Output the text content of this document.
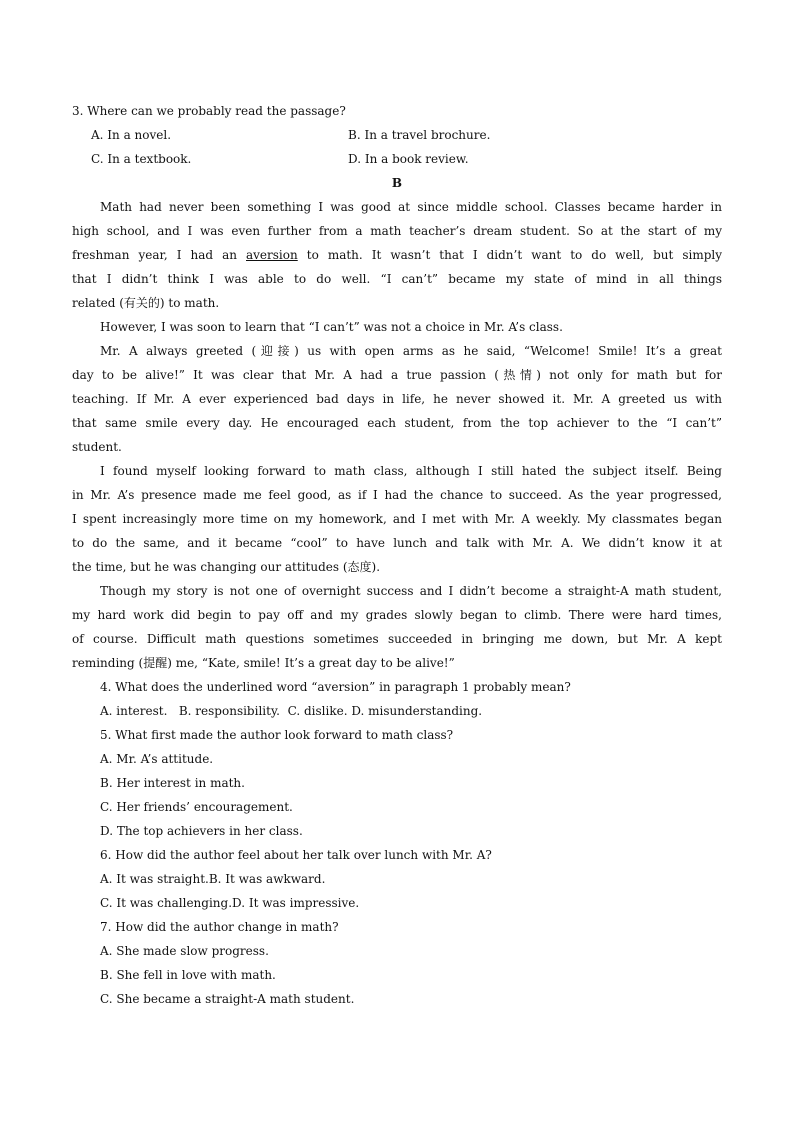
3. Where can we probably read the passage?
A. In a novel.	B. In a travel brochure.
C. In a textbook.	D. In a book review.
B
Math had never been something I was good at since middle school. Classes became harder in
high school, and I was even further from a math teacher’s dream student. So at the start of my
freshman year, I had an aversion to math. It wasn’t that I didn’t want to do well, but simply
that I didn’t think I was able to do well. “I can’t” became my state of mind in all things
related (有关的) to math.
However, I was soon to learn that “I can’t” was not a choice in Mr. A’s class.
Mr. A always greeted (迎接) us with open arms as he said, “Welcome! Smile! It’s a great
day to be alive!” It was clear that Mr. A had a true passion (热情) not only for math but for
teaching. If Mr. A ever experienced bad days in life, he never showed it. Mr. A greeted us with
that same smile every day. He encouraged each student, from the top achiever to the “I can’t”
student.
I found myself looking forward to math class, although I still hated the subject itself. Being
in Mr. A’s presence made me feel good, as if I had the chance to succeed. As the year progressed,
I spent increasingly more time on my homework, and I met with Mr. A weekly. My classmates began
to do the same, and it became “cool” to have lunch and talk with Mr. A. We didn’t know it at
the time, but he was changing our attitudes (态度).
Though my story is not one of overnight success and I didn’t become a straight-A math student,
my hard work did begin to pay off and my grades slowly began to climb. There were hard times,
of course. Difficult math questions sometimes succeeded in bringing me down, but Mr. A kept
reminding (提醒) me, “Kate, smile! It’s a great day to be alive!”
4. What does the underlined word “aversion” in paragraph 1 probably mean?
A. interest.   B. responsibility.  C. dislike. D. misunderstanding.
5. What first made the author look forward to math class?
A. Mr. A’s attitude.
B. Her interest in math.
C. Her friends’ encouragement.
D. The top achievers in her class.
6. How did the author feel about her talk over lunch with Mr. A?
A. It was straight.B. It was awkward.
C. It was challenging.D. It was impressive.
7. How did the author change in math?
A. She made slow progress.
B. She fell in love with math.
C. She became a straight-A math student.
